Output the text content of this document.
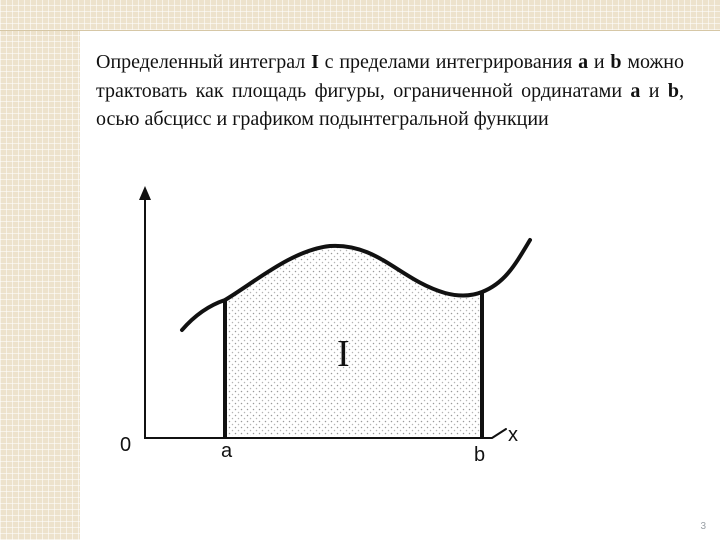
Определенный интеграл I с пределами интегрирования a и b можно трактовать как площадь фигуры, ограниченной ординатами a и b, осью абсцисс и графиком подынтегральной функции

0	x
a	b
I
3
